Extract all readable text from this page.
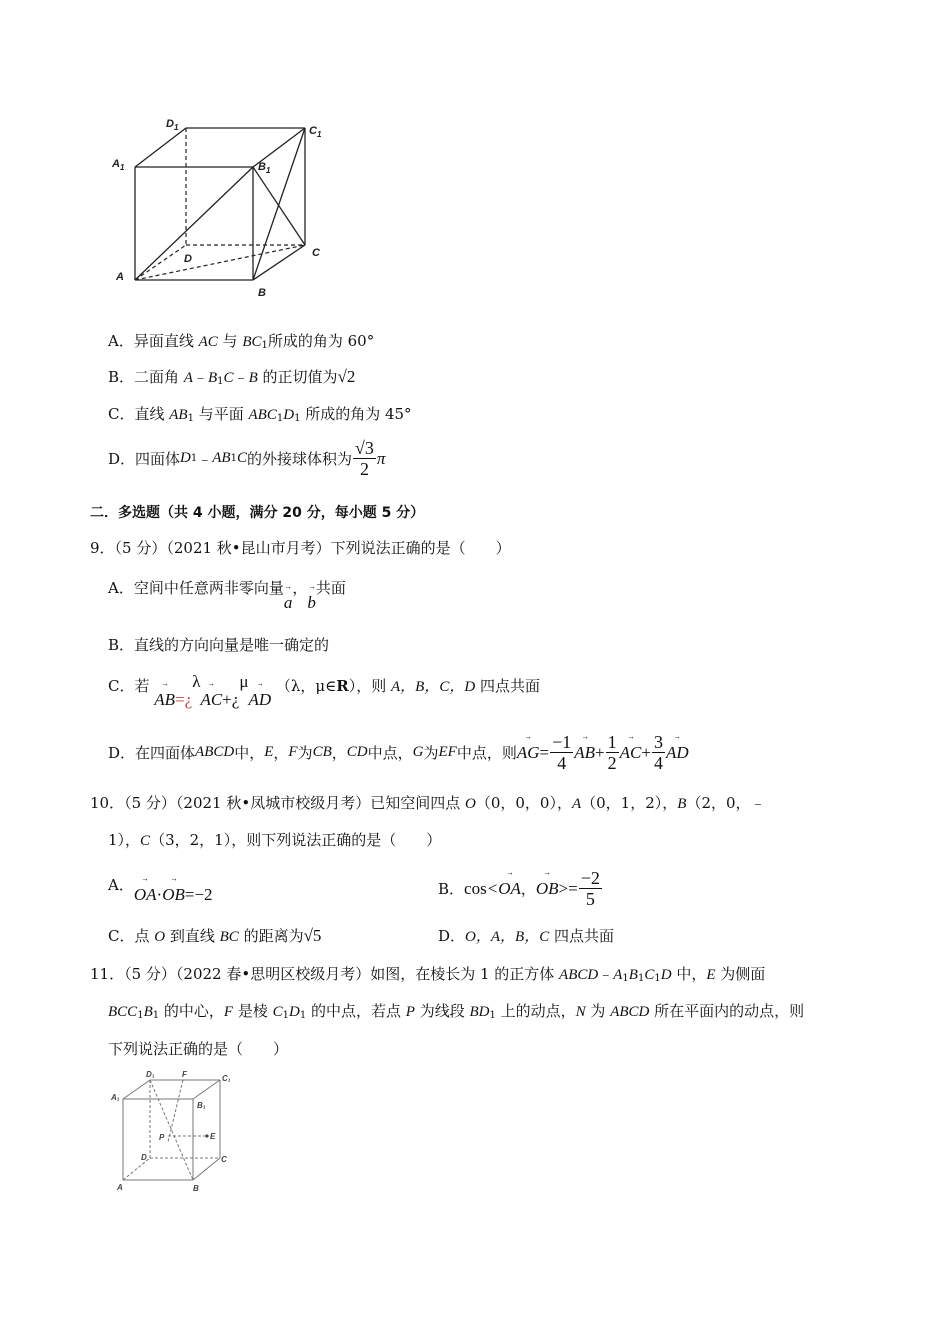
$D_1$	$C_1$
$A_1$	$B_1$
D	C
A
B
A．异面直线 AC 与 $BC_1$所成的角为 60°
B．二面角 $A﹣B_1C﹣B$ 的正切值为√2
C．直线 $AB_1$ 与平面 $ABC_1D_1$ 所成的角为 45°
D．四面体 D 1 ﹣ AB 1 C 的外接球体积为 $\frac{√3}{2}$ π
二．多选题（共 4 小题，满分 20 分，每小题 5 分）
9．（5 分）（2021 秋•昆山市月考）下列说法正确的是（　　）
A．空间中任意两非零向量→ a，→ b共面
B．直线的方向向量是唯一确定的
C．若 → AB=¿λ→ AC+¿μ→ AD （λ，μ∈R），则 A，B，C，D 四点共面
D．在四面体 ABCD 中， E ， F 为 CB ， CD 中点， G 为 EF 中点，则 → AG = $\frac{-1}{4}$ → AB + $\frac{1}{2}$ → AC + $\frac{3}{4}$ → AD
10．（5 分）（2021 秋•凤城市校级月考）已知空间四点 O（0，0，0），A（0，1，2），B（2，0，﹣
1），C（3，2，1），则下列说法正确的是（　　）
A．→ OA·→ OB=−2	B． cos < → OA ， → OB >= $\frac{-2}{5}$
C．点 O 到直线 BC 的距离为√5	D．O，A，B，C 四点共面
11．（5 分）（2022 春•思明区校级月考）如图，在棱长为 1 的正方体 $ABCD﹣A_1B_1C_1D$ 中，E 为侧面
$BCC_1B_1$ 的中心，F 是棱 $C_1D_1$ 的中点，若点 P 为线段 $BD_1$ 上的动点，N 为 ABCD 所在平面内的动点，则
下列说法正确的是（　　）
D₁	F	C₁
A₁
B₁
P	E
D	C
A	B
